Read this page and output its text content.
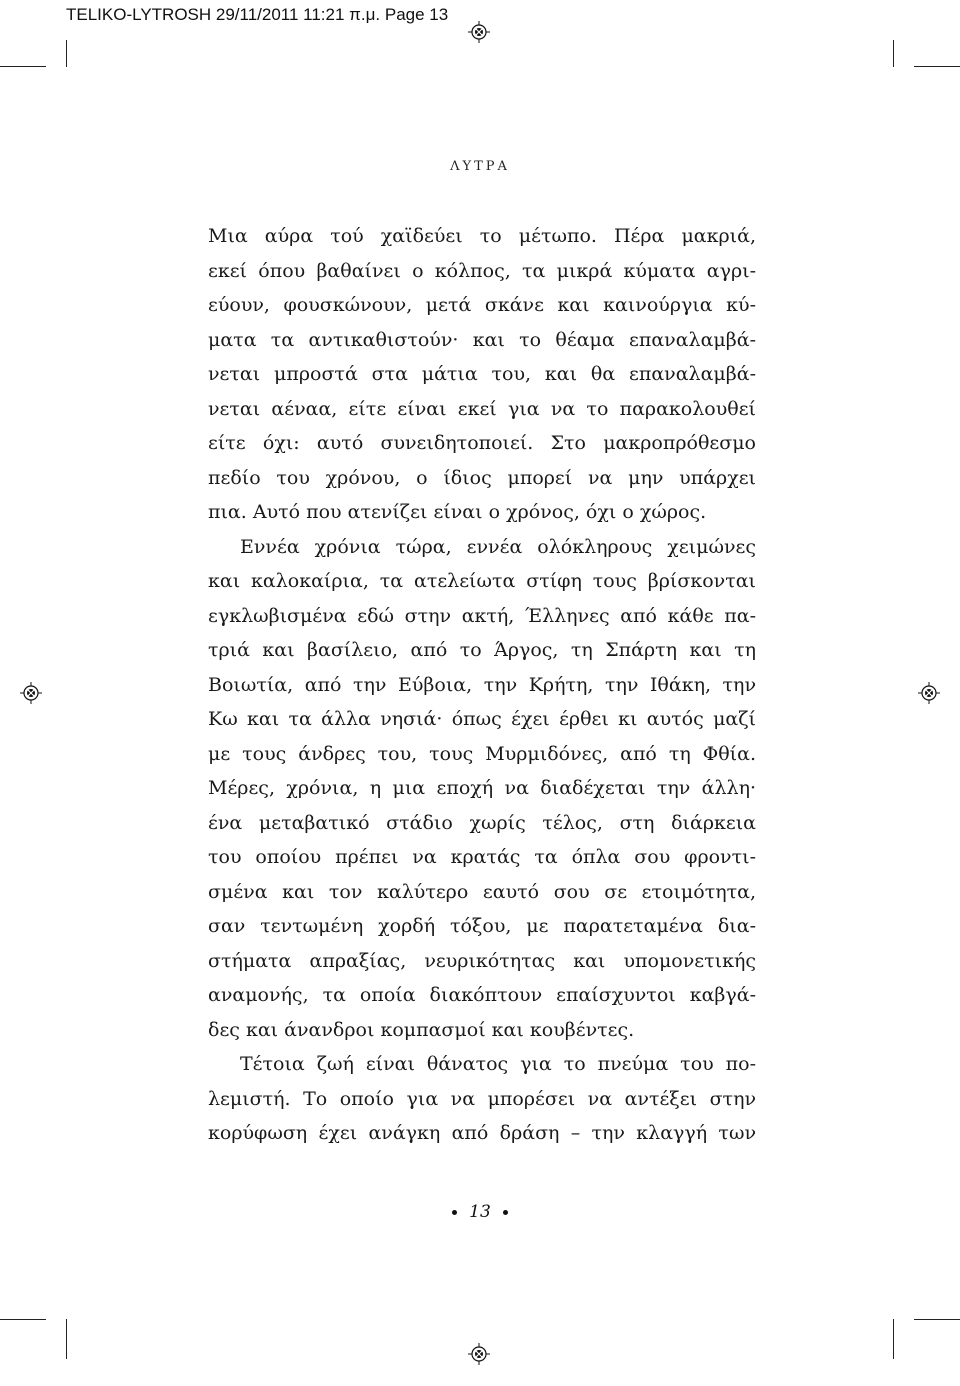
TELIKO-LYTROSH 29/11/2011 11:21 π.μ. Page 13
ΛΥΤΡΑ
Μια αύρα τού χαϊδεύει το μέτωπο. Πέρα μακριά,
εκεί όπου βαθαίνει ο κόλπος, τα μικρά κύματα αγρι-
εύουν, φουσκώνουν, μετά σκάνε και καινούργια κύ-
ματα τα αντικαθιστούν· και το θέαμα επαναλαμβά-
νεται μπροστά στα μάτια του, και θα επαναλαμβά-
νεται αέναα, είτε είναι εκεί για να το παρακολουθεί
είτε όχι: αυτό συνειδητοποιεί. Στο μακροπρόθεσμο
πεδίο του χρόνου, ο ίδιος μπορεί να μην υπάρχει
πια. Αυτό που ατενίζει είναι ο χρόνος, όχι ο χώρος.
Εννέα χρόνια τώρα, εννέα ολόκληρους χειμώνες
και καλοκαίρια, τα ατελείωτα στίφη τους βρίσκονται
εγκλωβισμένα εδώ στην ακτή, Έλληνες από κάθε πα-
τριά και βασίλειο, από το Άργος, τη Σπάρτη και τη
Βοιωτία, από την Εύβοια, την Κρήτη, την Ιθάκη, την
Κω και τα άλλα νησιά· όπως έχει έρθει κι αυτός μαζί
με τους άνδρες του, τους Μυρμιδόνες, από τη Φθία.
Μέρες, χρόνια, η μια εποχή να διαδέχεται την άλλη·
ένα μεταβατικό στάδιο χωρίς τέλος, στη διάρκεια
του οποίου πρέπει να κρατάς τα όπλα σου φροντι-
σμένα και τον καλύτερο εαυτό σου σε ετοιμότητα,
σαν τεντωμένη χορδή τόξου, με παρατεταμένα δια-
στήματα απραξίας, νευρικότητας και υπομονετικής
αναμονής, τα οποία διακόπτουν επαίσχυντοι καβγά-
δες και άνανδροι κομπασμοί και κουβέντες.
Τέτοια ζωή είναι θάνατος για το πνεύμα του πο-
λεμιστή. Το οποίο για να μπορέσει να αντέξει στην
κορύφωση έχει ανάγκη από δράση – την κλαγγή των
13
